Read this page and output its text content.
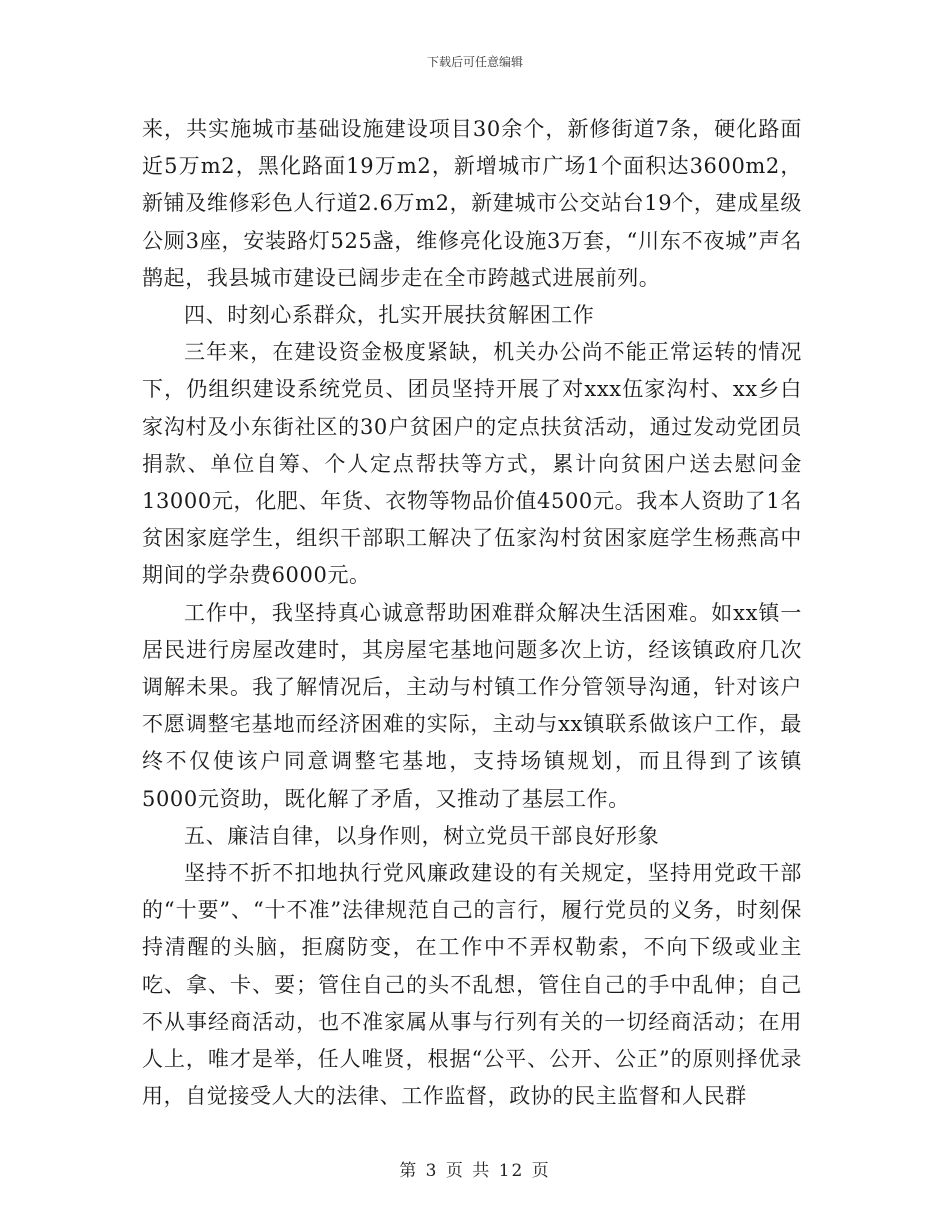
下载后可任意编辑

来，共实施城市基础设施建设项目30余个，新修街道7条，硬化路面近5万m2，黑化路面19万m2，新增城市广场1个面积达3600m2，新铺及维修彩色人行道2.6万m2，新建城市公交站台19个，建成星级公厕3座，安装路灯525盏，维修亮化设施3万套，“川东不夜城”声名鹊起，我县城市建设已阔步走在全市跨越式进展前列。

四、时刻心系群众，扎实开展扶贫解困工作

三年来，在建设资金极度紧缺，机关办公尚不能正常运转的情况下，仍组织建设系统党员、团员坚持开展了对xxx伍家沟村、xx乡白家沟村及小东街社区的30户贫困户的定点扶贫活动，通过发动党团员捐款、单位自筹、个人定点帮扶等方式，累计向贫困户送去慰问金13000元，化肥、年货、衣物等物品价值4500元。我本人资助了1名贫困家庭学生，组织干部职工解决了伍家沟村贫困家庭学生杨燕高中期间的学杂费6000元。

工作中，我坚持真心诚意帮助困难群众解决生活困难。如xx镇一居民进行房屋改建时，其房屋宅基地问题多次上访，经该镇政府几次调解未果。我了解情况后，主动与村镇工作分管领导沟通，针对该户不愿调整宅基地而经济困难的实际，主动与xx镇联系做该户工作，最终不仅使该户同意调整宅基地，支持场镇规划，而且得到了该镇5000元资助，既化解了矛盾，又推动了基层工作。

五、廉洁自律，以身作则，树立党员干部良好形象

坚持不折不扣地执行党风廉政建设的有关规定，坚持用党政干部的“十要”、“十不准”法律规范自己的言行，履行党员的义务，时刻保持清醒的头脑，拒腐防变，在工作中不弄权勒索，不向下级或业主吃、拿、卡、要；管住自己的头不乱想，管住自己的手中乱伸；自己不从事经商活动，也不准家属从事与行列有关的一切经商活动；在用人上，唯才是举，任人唯贤，根据“公平、公开、公正”的原则择优录用，自觉接受人大的法律、工作监督，政协的民主监督和人民群

第 3 页 共 12 页
